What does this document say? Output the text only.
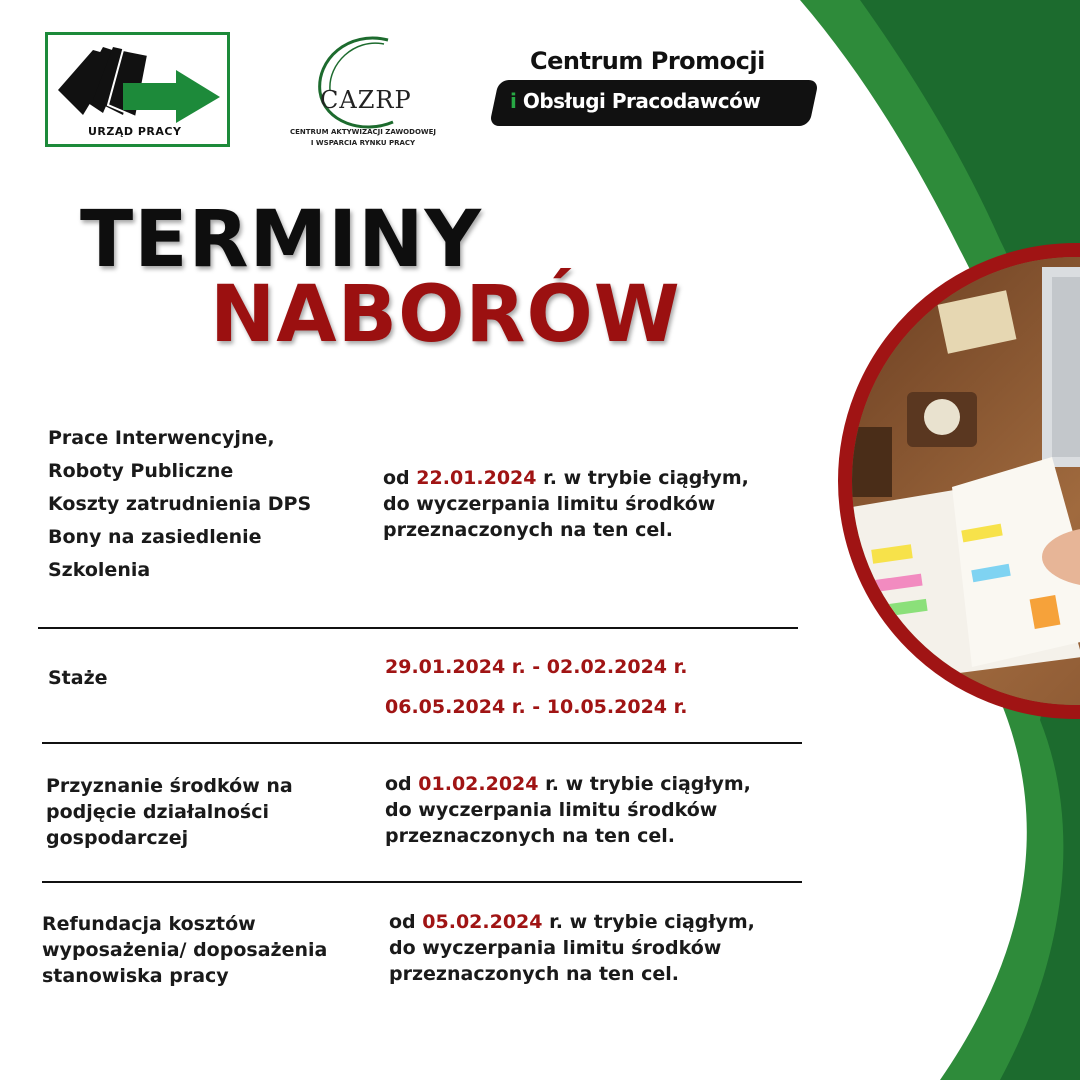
URZĄD PRACY
CAZRP
CENTRUM AKTYWIZACJI ZAWODOWEJ
I WSPARCIA RYNKU PRACY
Centrum Promocji
i Obsługi Pracodawców
TERMINY
NABORÓW
Prace Interwencyjne,
Roboty Publiczne
Koszty zatrudnienia DPS
Bony na zasiedlenie
Szkolenia
od 22.01.2024 r. w trybie ciągłym,
do wyczerpania limitu środków
przeznaczonych na ten cel.
Staże	29.01.2024 r. - 02.02.2024 r.
06.05.2024 r. - 10.05.2024 r.
Przyznanie środków na
podjęcie działalności
gospodarczej
od 01.02.2024 r. w trybie ciągłym,
do wyczerpania limitu środków
przeznaczonych na ten cel.
Refundacja kosztów
wyposażenia/ doposażenia
stanowiska pracy
od 05.02.2024 r. w trybie ciągłym,
do wyczerpania limitu środków
przeznaczonych na ten cel.
